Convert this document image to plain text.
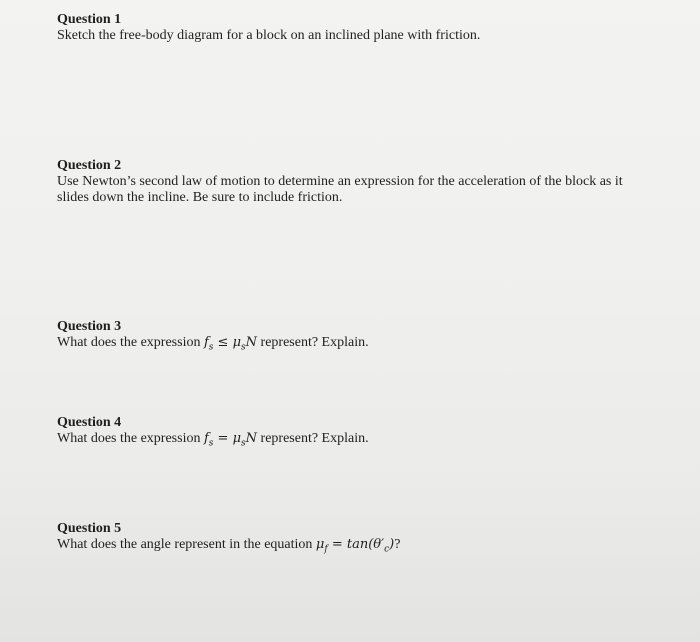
Question 1
Sketch the free-body diagram for a block on an inclined plane with friction.
Question 2
Use Newton’s second law of motion to determine an expression for the acceleration of the block as it slides down the incline. Be sure to include friction.
Question 3
What does the expression $f_s \le \mu_sN$ represent? Explain.
Question 4
What does the expression $f_s = \mu_sN$ represent? Explain.
Question 5
What does the angle represent in the equation $\mu_f = \tan(\theta'_c)$?
